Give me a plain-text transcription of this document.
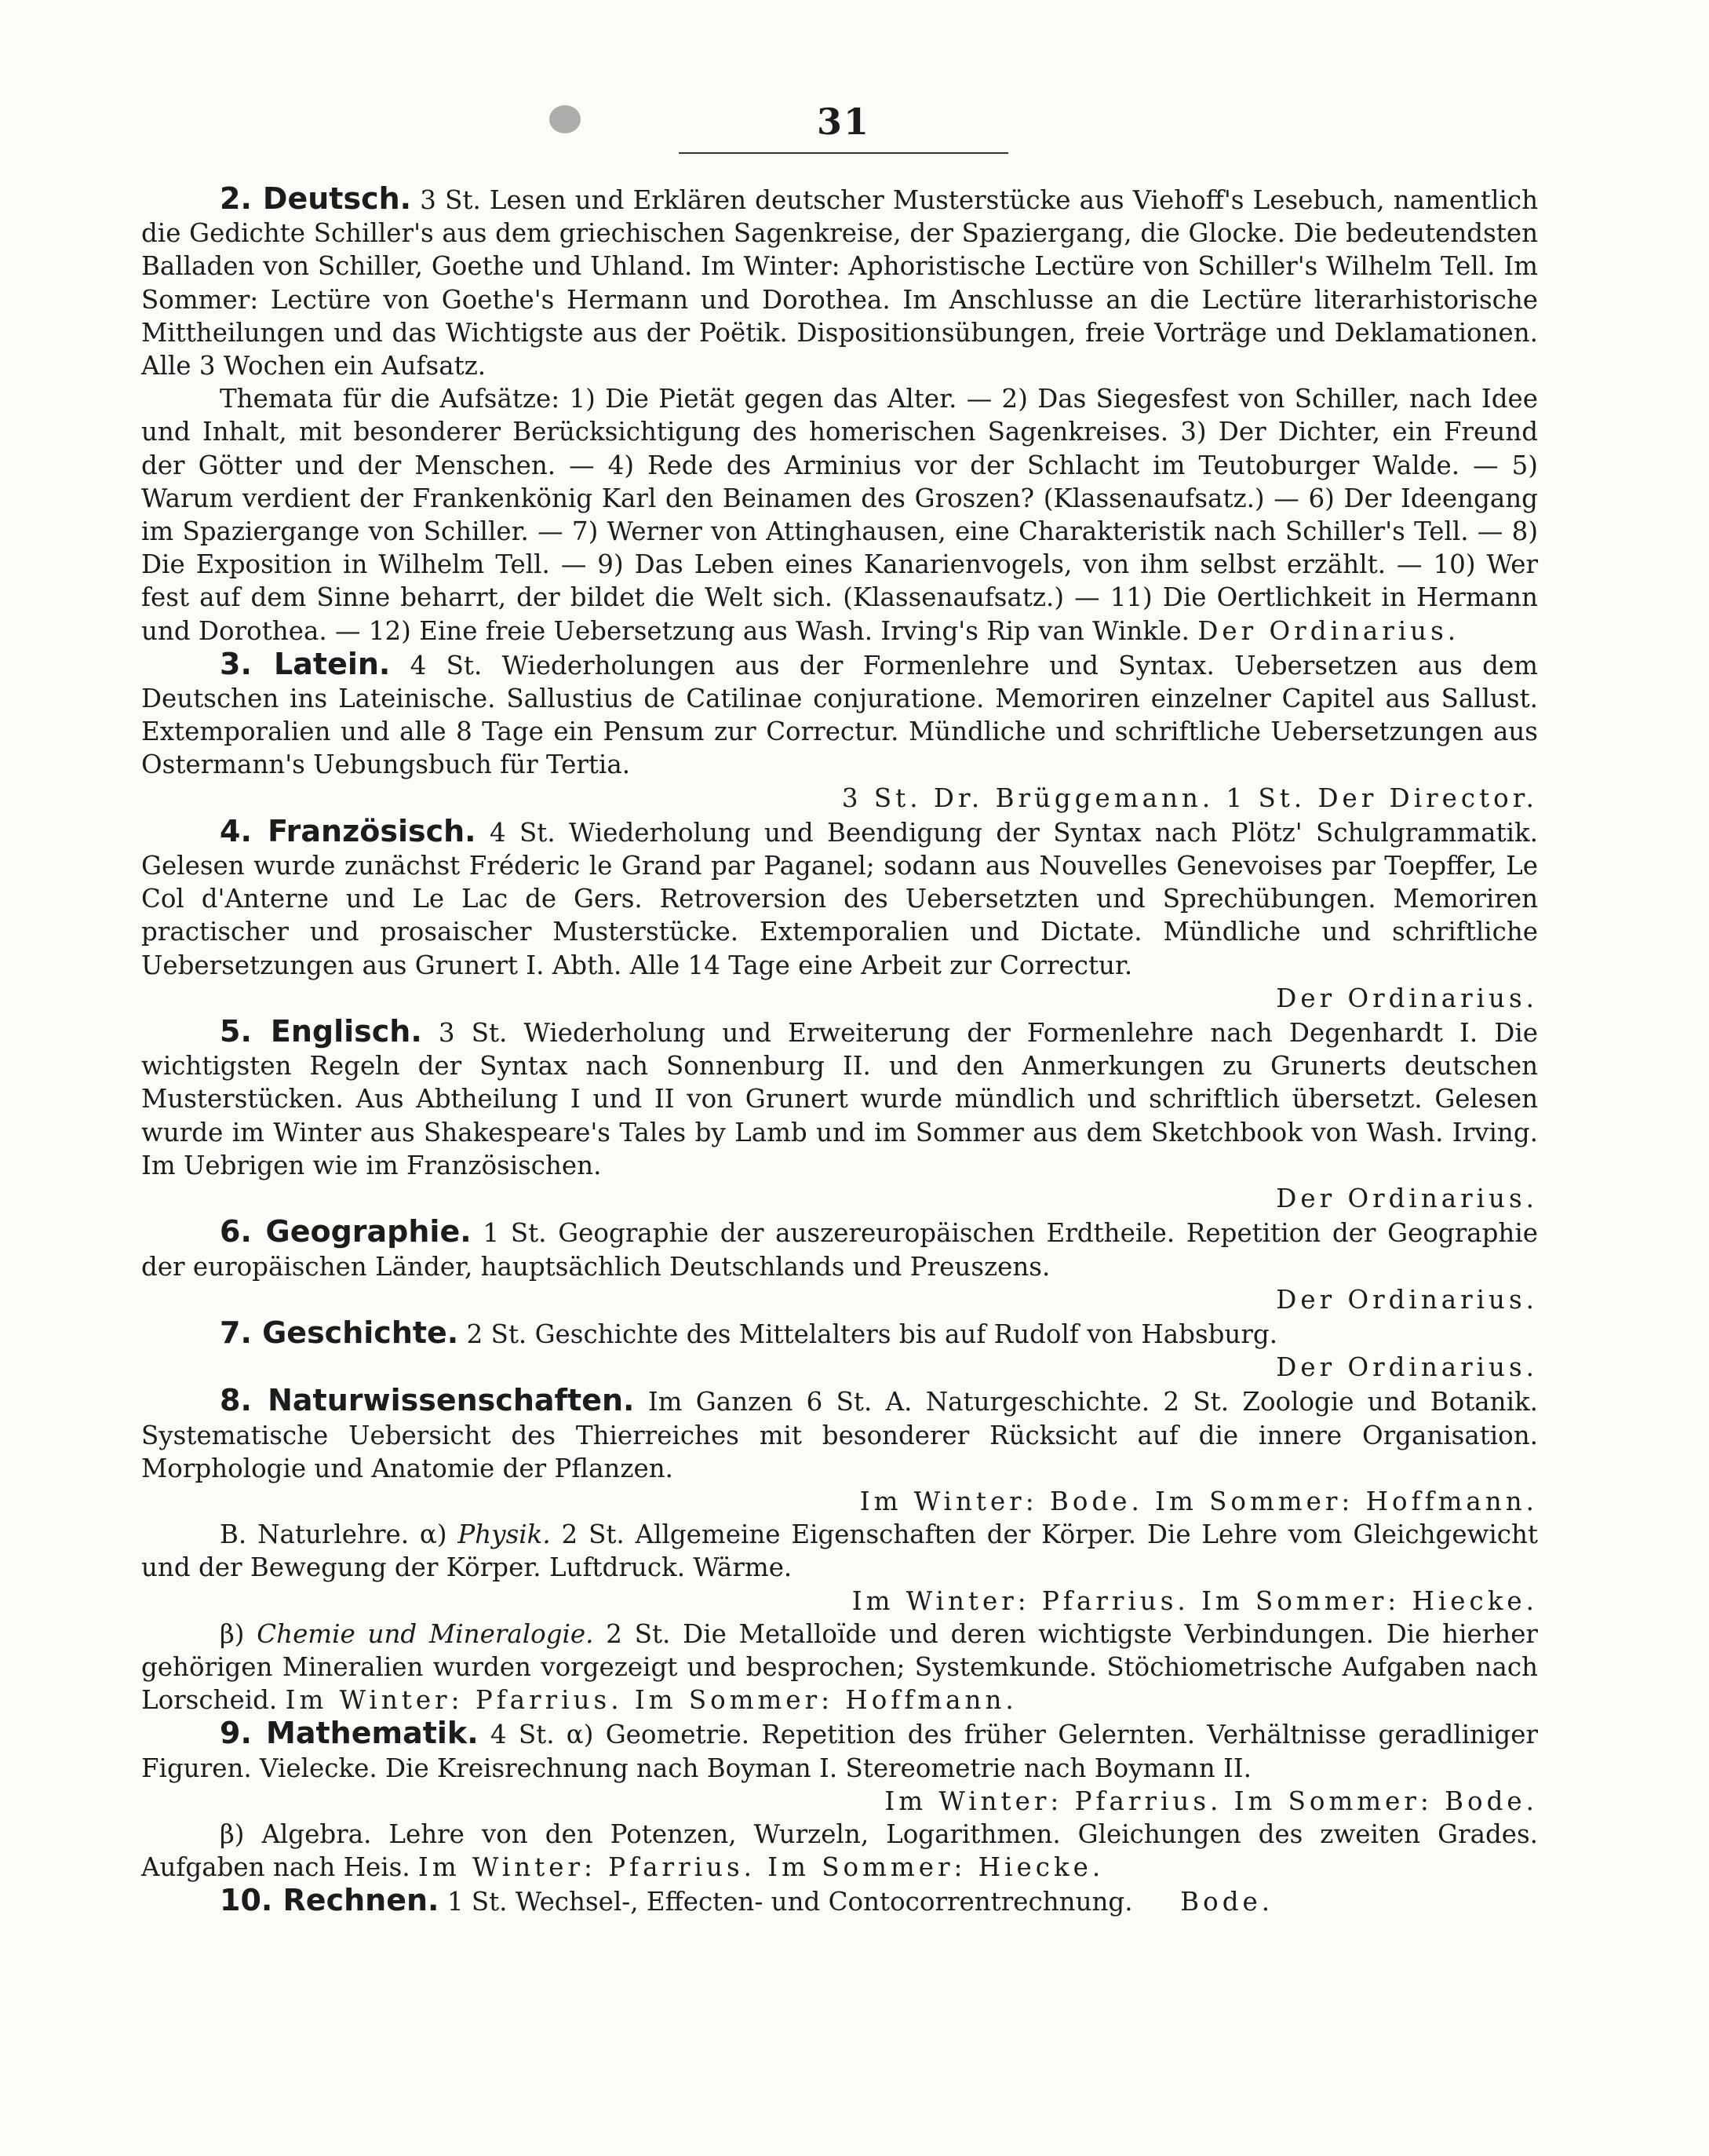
31
2. Deutsch. 3 St. Lesen und Erklären deutscher Musterstücke aus Viehoff's Lesebuch, namentlich die Gedichte Schiller's aus dem griechischen Sagenkreise, der Spaziergang, die Glocke. Die bedeutendsten Balladen von Schiller, Goethe und Uhland. Im Winter: Aphoristische Lectüre von Schiller's Wilhelm Tell. Im Sommer: Lectüre von Goethe's Hermann und Dorothea. Im Anschlusse an die Lectüre literarhistorische Mittheilungen und das Wichtigste aus der Poëtik. Dispositionsübungen, freie Vorträge und Deklamationen. Alle 3 Wochen ein Aufsatz.
Themata für die Aufsätze: 1) Die Pietät gegen das Alter. — 2) Das Siegesfest von Schiller, nach Idee und Inhalt, mit besonderer Berücksichtigung des homerischen Sagenkreises. 3) Der Dichter, ein Freund der Götter und der Menschen. — 4) Rede des Arminius vor der Schlacht im Teutoburger Walde. — 5) Warum verdient der Frankenkönig Karl den Beinamen des Groszen? (Klassenaufsatz.) — 6) Der Ideengang im Spaziergange von Schiller. — 7) Werner von Attinghausen, eine Charakteristik nach Schiller's Tell. — 8) Die Exposition in Wilhelm Tell. — 9) Das Leben eines Kanarienvogels, von ihm selbst erzählt. — 10) Wer fest auf dem Sinne beharrt, der bildet die Welt sich. (Klassenaufsatz.) — 11) Die Oertlichkeit in Hermann und Dorothea. — 12) Eine freie Uebersetzung aus Wash. Irving's Rip van Winkle. Der Ordinarius.
3. Latein. 4 St. Wiederholungen aus der Formenlehre und Syntax. Uebersetzen aus dem Deutschen ins Lateinische. Sallustius de Catilinae conjuratione. Memoriren einzelner Capitel aus Sallust. Extemporalien und alle 8 Tage ein Pensum zur Correctur. Mündliche und schriftliche Uebersetzungen aus Ostermann's Uebungsbuch für Tertia.
3 St. Dr. Brüggemann. 1 St. Der Director.
4. Französisch. 4 St. Wiederholung und Beendigung der Syntax nach Plötz' Schulgrammatik. Gelesen wurde zunächst Fréderic le Grand par Paganel; sodann aus Nouvelles Genevoises par Toepffer, Le Col d'Anterne und Le Lac de Gers. Retroversion des Uebersetzten und Sprechübungen. Memoriren practischer und prosaischer Musterstücke. Extemporalien und Dictate. Mündliche und schriftliche Uebersetzungen aus Grunert I. Abth. Alle 14 Tage eine Arbeit zur Correctur.
Der Ordinarius.
5. Englisch. 3 St. Wiederholung und Erweiterung der Formenlehre nach Degenhardt I. Die wichtigsten Regeln der Syntax nach Sonnenburg II. und den Anmerkungen zu Grunerts deutschen Musterstücken. Aus Abtheilung I und II von Grunert wurde mündlich und schriftlich übersetzt. Gelesen wurde im Winter aus Shakespeare's Tales by Lamb und im Sommer aus dem Sketchbook von Wash. Irving. Im Uebrigen wie im Französischen.
Der Ordinarius.
6. Geographie. 1 St. Geographie der auszereuropäischen Erdtheile. Repetition der Geographie der europäischen Länder, hauptsächlich Deutschlands und Preuszens.
Der Ordinarius.
7. Geschichte. 2 St. Geschichte des Mittelalters bis auf Rudolf von Habsburg.
Der Ordinarius.
8. Naturwissenschaften. Im Ganzen 6 St. A. Naturgeschichte. 2 St. Zoologie und Botanik. Systematische Uebersicht des Thierreiches mit besonderer Rücksicht auf die innere Organisation. Morphologie und Anatomie der Pflanzen.
Im Winter: Bode. Im Sommer: Hoffmann.
B. Naturlehre. α) Physik. 2 St. Allgemeine Eigenschaften der Körper. Die Lehre vom Gleichgewicht und der Bewegung der Körper. Luftdruck. Wärme.
Im Winter: Pfarrius. Im Sommer: Hiecke.
β) Chemie und Mineralogie. 2 St. Die Metalloïde und deren wichtigste Verbindungen. Die hierher gehörigen Mineralien wurden vorgezeigt und besprochen; Systemkunde. Stöchiometrische Aufgaben nach Lorscheid. Im Winter: Pfarrius. Im Sommer: Hoffmann.
9. Mathematik. 4 St. α) Geometrie. Repetition des früher Gelernten. Verhältnisse geradliniger Figuren. Vielecke. Die Kreisrechnung nach Boyman I. Stereometrie nach Boymann II.
Im Winter: Pfarrius. Im Sommer: Bode.
β) Algebra. Lehre von den Potenzen, Wurzeln, Logarithmen. Gleichungen des zweiten Grades. Aufgaben nach Heis. Im Winter: Pfarrius. Im Sommer: Hiecke.
10. Rechnen. 1 St. Wechsel-, Effecten- und Contocorrentrechnung. Bode.
